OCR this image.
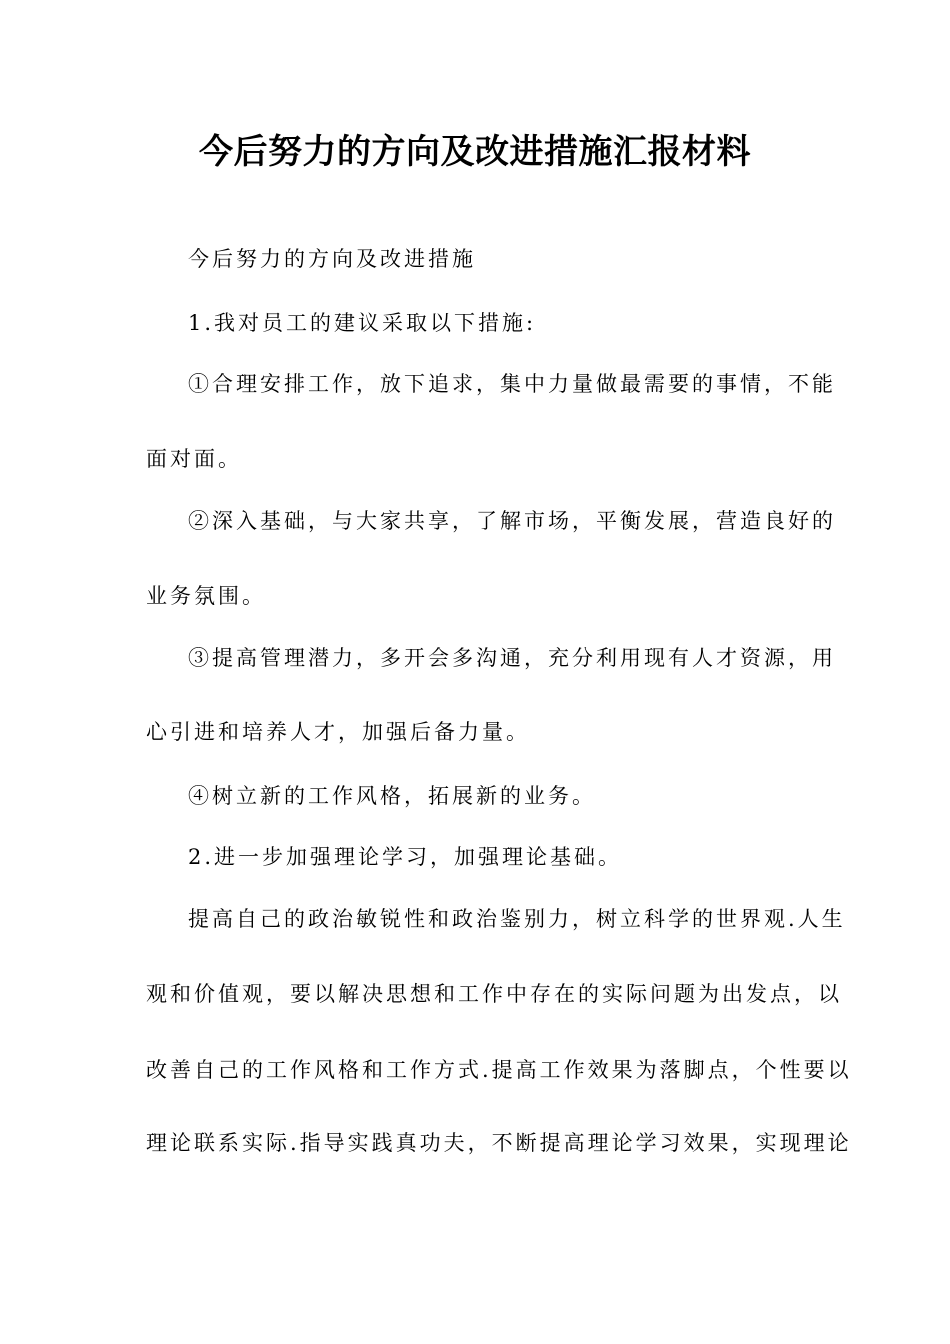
今后努力的方向及改进措施汇报材料
今后努力的方向及改进措施
1.我对员工的建议采取以下措施:
①合理安排工作，放下追求，集中力量做最需要的事情，不能
面对面。
②深入基础，与大家共享，了解市场，平衡发展，营造良好的
业务氛围。
③提高管理潜力，多开会多沟通，充分利用现有人才资源，用
心引进和培养人才，加强后备力量。
④树立新的工作风格，拓展新的业务。
2.进一步加强理论学习，加强理论基础。
提高自己的政治敏锐性和政治鉴别力，树立科学的世界观.人生
观和价值观，要以解决思想和工作中存在的实际问题为出发点，以
改善自己的工作风格和工作方式.提高工作效果为落脚点，个性要以
理论联系实际.指导实践真功夫，不断提高理论学习效果，实现理论
